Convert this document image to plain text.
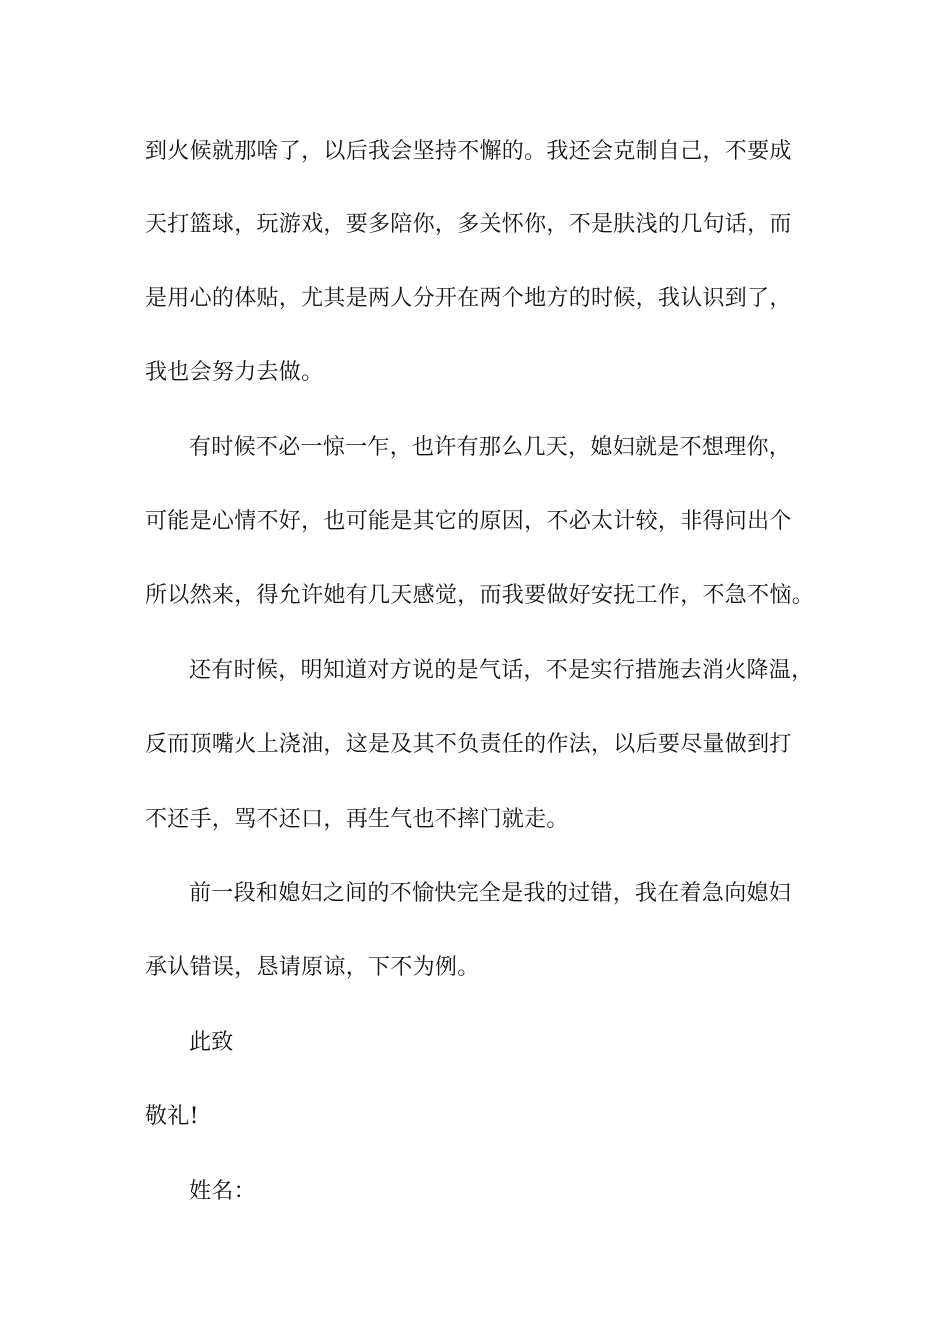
到火候就那啥了，以后我会坚持不懈的。我还会克制自己，不要成
天打篮球，玩游戏，要多陪你，多关怀你，不是肤浅的几句话，而
是用心的体贴，尤其是两人分开在两个地方的时候，我认识到了，
我也会努力去做。
有时候不必一惊一乍，也许有那么几天，媳妇就是不想理你，
可能是心情不好，也可能是其它的原因，不必太计较，非得问出个
所以然来，得允许她有几天感觉，而我要做好安抚工作，不急不恼。
还有时候，明知道对方说的是气话，不是实行措施去消火降温，
反而顶嘴火上浇油，这是及其不负责任的作法，以后要尽量做到打
不还手，骂不还口，再生气也不摔门就走。
前一段和媳妇之间的不愉快完全是我的过错，我在着急向媳妇
承认错误，恳请原谅，下不为例。
此致
敬礼!
姓名：
